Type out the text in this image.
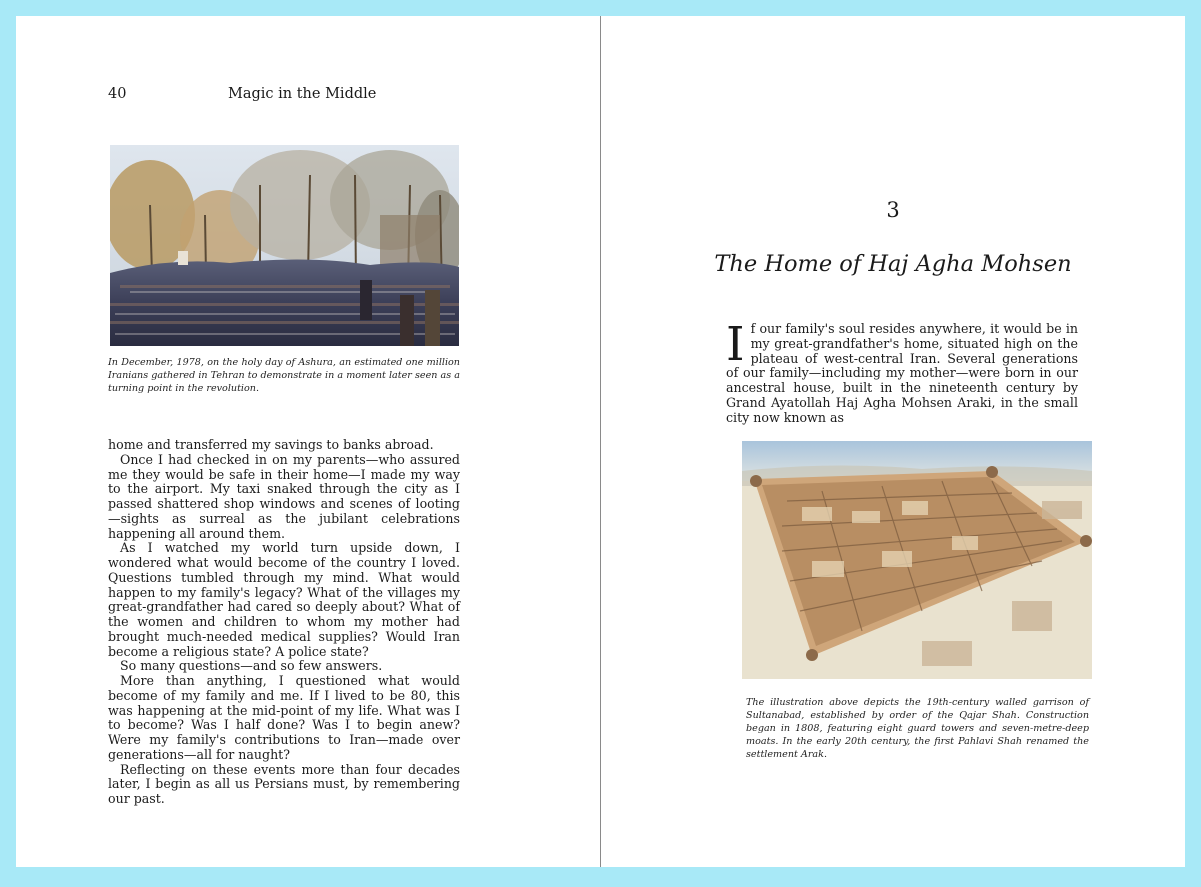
40	Magic in the Middle
In December, 1978, on the holy day of Ashura, an estimated one million Iranians gathered in Tehran to demonstrate in a moment later seen as a turning point in the revolution.

home and transferred my savings to banks abroad.

Once I had checked in on my parents—who assured me they would be safe in their home—I made my way to the airport. My taxi snaked through the city as I passed shattered shop windows and scenes of looting—sights as surreal as the jubilant celebrations happening all around them.

As I watched my world turn upside down, I wondered what would become of the country I loved. Questions tumbled through my mind. What would happen to my family's legacy? What of the villages my great-grandfather had cared so deeply about? What of the women and children to whom my mother had brought much-needed medical supplies? Would Iran become a religious state? A police state?

So many questions—and so few answers.

More than anything, I questioned what would become of my family and me. If I lived to be 80, this was happening at the mid-point of my life. What was I to become? Was I half done? Was I to begin anew? Were my family's contributions to Iran—made over generations—all for naught?

Reflecting on these events more than four decades later, I begin as all us Persians must, by remembering our past.

3
The Home of Haj Agha Mohsen

I f our family's soul resides anywhere, it would be in my great-grandfather's home, situated high on the plateau of west-central Iran. Several generations of our family—including my mother—were born in our ancestral house, built in the nineteenth century by Grand Ayatollah Haj Agha Mohsen Araki, in the small city now known as

The illustration above depicts the 19th-century walled garrison of Sultanabad, established by order of the Qajar Shah. Construction began in 1808, featuring eight guard towers and seven-metre-deep moats. In the early 20th century, the first Pahlavi Shah renamed the settlement Arak.
